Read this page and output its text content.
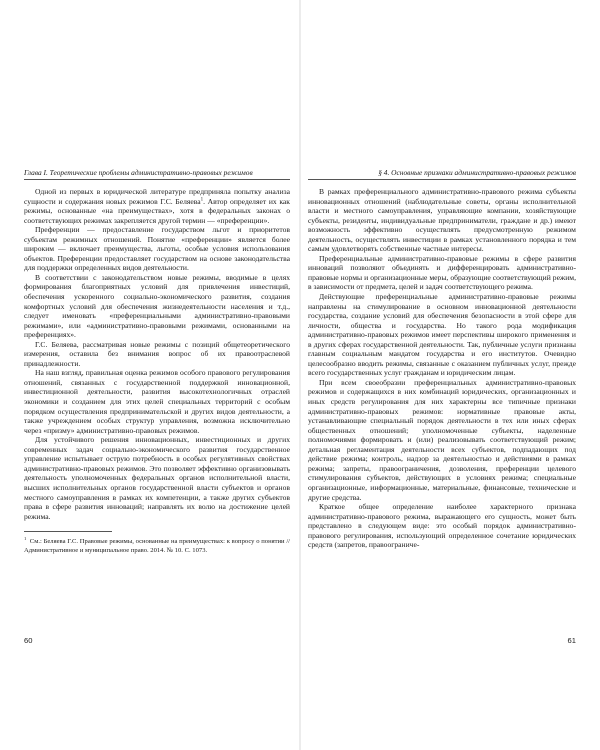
Глава I. Теоретические проблемы административно-правовых режимов

Одной из первых в юридической литературе предприняла попытку анализа сущности и содержания новых режимов Г.С. Беляева$^1$. Автор определяет их как режимы, основанные «на преимуществах», хотя в федеральных законах о соответствующих режимах закрепляется другой термин — «преференции».

Преференции — предоставление государством льгот и приоритетов субъектам режимных отношений. Понятие «преференции» является более широким — включает преимущества, льготы, особые условия использования объектов. Преференции предоставляет государством на основе законодательства для поддержки определенных видов деятельности.

В соответствии с законодательством новые режимы, вводимые в целях формирования благоприятных условий для привлечения инвестиций, обеспечения ускоренного социально-экономического развития, создания комфортных условий для обеспечения жизнедеятельности населения и т.д., следует именовать «преференциальными административно-правовыми режимами», или «административно-правовыми режимами, основанными на преференциях».

Г.С. Беляева, рассматривая новые режимы с позиций общетеоретического измерения, оставила без внимания вопрос об их правоотраслевой принадлежности.

На наш взгляд, правильная оценка режимов особого правового регулирования отношений, связанных с государственной поддержкой инновационной, инвестиционной деятельности, развития высокотехнологичных отраслей экономики и созданием для этих целей специальных территорий с особым порядком осуществления предпринимательской и других видов деятельности, а также учреждением особых структур управления, возможна исключительно через «призму» административно-правовых режимов.

Для устойчивого решения инновационных, инвестиционных и других современных задач социально-экономического развития государственное управление испытывает острую потребность в особых регулятивных свойствах административно-правовых режимов. Это позволяет эффективно организовывать деятельность уполномоченных федеральных органов исполнительной власти, высших исполнительных органов государственной власти субъектов и органов местного самоуправления в рамках их компетенции, а также других субъектов права в сфере развития инноваций; направлять их волю на достижение целей режима.

$^1$ См.: Беляева Г.С. Правовые режимы, основанные на преимуществах: к вопросу о понятии // Административное и муниципальное право. 2014. № 10. С. 1073.
60
§ 4. Основные признаки административно-правовых режимов

В рамках преференциального административно-правового режима субъекты инновационных отношений (наблюдательные советы, органы исполнительной власти и местного самоуправления, управляющие компании, хозяйствующие субъекты, резиденты, индивидуальные предприниматели, граждане и др.) имеют возможность эффективно осуществлять предусмотренную режимом деятельность, осуществлять инвестиции в рамках установленного порядка и тем самым удовлетворять собственные частные интересы.

Преференциальные административно-правовые режимы в сфере развития инноваций позволяют объединять и дифференцировать административно-правовые нормы и организационные меры, образующие соответствующий режим, в зависимости от предмета, целей и задач соответствующего режима.

Действующие преференциальные административно-правовые режимы направлены на стимулирование в основном инновационной деятельности государства, создание условий для обеспечения безопасности в этой сфере для личности, общества и государства. Но такого рода модификация административно-правовых режимов имеет перспективы широкого применения и в других сферах государственной деятельности. Так, публичные услуги признаны главным социальным мандатом государства и его институтов. Очевидно целесообразно вводить режимы, связанные с оказанием публичных услуг, прежде всего государственных услуг гражданам и юридическим лицам.

При всем своеобразии преференциальных административно-правовых режимов и содержащихся в них комбинаций юридических, организационных и иных средств регулирования для них характерны все типичные признаки административно-правовых режимов: нормативные правовые акты, устанавливающие специальный порядок деятельности в тех или иных сферах общественных отношений; уполномоченные субъекты, наделенные полномочиями формировать и (или) реализовывать соответствующий режим; детальная регламентация деятельности всех субъектов, подпадающих под действие режима; контроль, надзор за деятельностью и действиями в рамках режима; запреты, правоограничения, дозволения, преференции целевого стимулирования субъектов, действующих в условиях режима; специальные организационные, информационные, материальные, финансовые, технические и другие средства.

Краткое общее определение наиболее характерного признака административно-правового режима, выражающего его сущность, может быть представлено в следующем виде: это особый порядок административно-правового регулирования, использующий определенное сочетание юридических средств (запретов, правоограниче-

61
